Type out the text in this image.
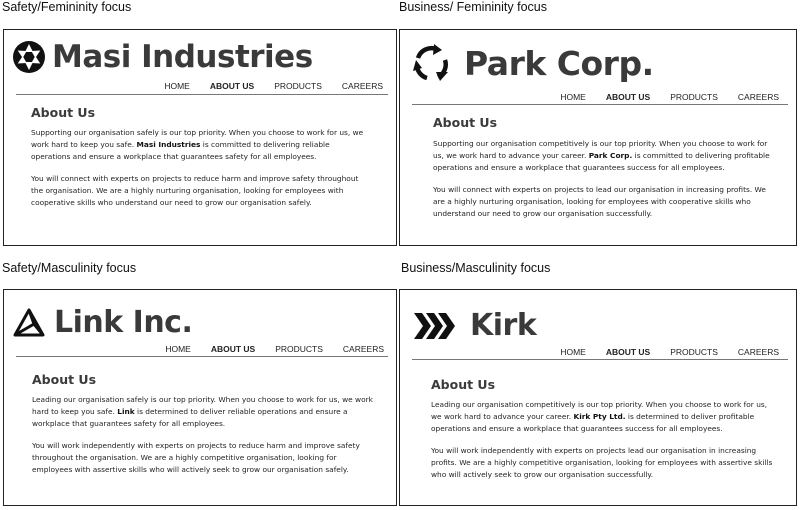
Safety/Femininity focus	Business/ Femininity focus
Safety/Masculinity focus	Business/Masculinity focus
Masi Industries
HOME ABOUT US PRODUCTS CAREERS
About Us

Supporting our organisation safely is our top priority. When you choose to work for us, we work hard to keep you safe. Masi Industries is committed to delivering reliable operations and ensure a workplace that guarantees safety for all employees.

You will connect with experts on projects to reduce harm and improve safety throughout the organisation. We are a highly nurturing organisation, looking for employees with cooperative skills who understand our need to grow our organisation safely.

Park Corp.
HOME ABOUT US PRODUCTS CAREERS
About Us

Supporting our organisation competitively is our top priority. When you choose to work for us, we work hard to advance your career. Park Corp. is committed to delivering profitable operations and ensure a workplace that guarantees success for all employees.

You will connect with experts on projects to lead our organisation in increasing profits. We are a highly nurturing organisation, looking for employees with cooperative skills who understand our need to grow our organisation successfully.

Link Inc.
HOME ABOUT US PRODUCTS CAREERS
About Us

Leading our organisation safely is our top priority. When you choose to work for us, we work hard to keep you safe. Link is determined to deliver reliable operations and ensure a workplace that guarantees safety for all employees.

You will work independently with experts on projects to reduce harm and improve safety throughout the organisation. We are a highly competitive organisation, looking for employees with assertive skills who will actively seek to grow our organisation safely.

Kirk
HOME ABOUT US PRODUCTS CAREERS
About Us

Leading our organisation competitively is our top priority. When you choose to work for us, we work hard to advance your career. Kirk Pty Ltd. is determined to deliver profitable operations and ensure a workplace that guarantees success for all employees.

You will work independently with experts on projects lead our organisation in increasing profits. We are a highly competitive organisation, looking for employees with assertive skills who will actively seek to grow our organisation successfully.
